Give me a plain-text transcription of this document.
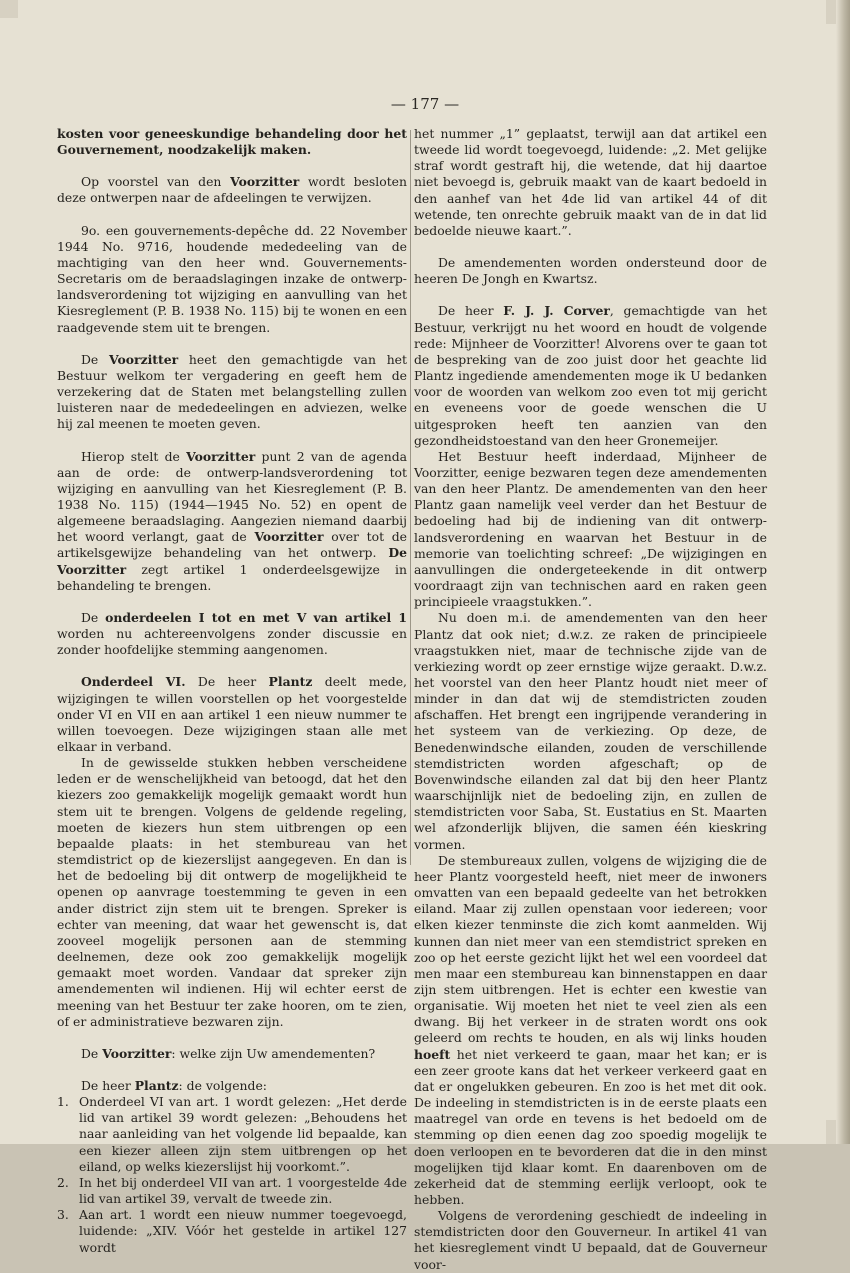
— 177 —

kosten voor geneeskundige behandeling door het Gouvernement, noodzakelijk maken.

Op voorstel van den Voorzitter wordt besloten deze ontwerpen naar de afdeelingen te verwijzen.

9o. een gouvernements-depêche dd. 22 November 1944 No. 9716, houdende mededeeling van de machtiging van den heer wnd. Gouvernements-Secretaris om de beraadslagingen inzake de ontwerp-landsverordening tot wijziging en aanvulling van het Kiesreglement (P. B. 1938 No. 115) bij te wonen en een raadgevende stem uit te brengen.

De Voorzitter heet den gemachtigde van het Bestuur welkom ter vergadering en geeft hem de verzekering dat de Staten met belangstelling zullen luisteren naar de mededeelingen en adviezen, welke hij zal meenen te moeten geven.

Hierop stelt de Voorzitter punt 2 van de agenda aan de orde: de ontwerp-landsverordening tot wijziging en aanvulling van het Kiesreglement (P. B. 1938 No. 115) (1944—1945 No. 52) en opent de algemeene beraadslaging. Aangezien niemand daarbij het woord verlangt, gaat de Voorzitter over tot de artikelsgewijze behandeling van het ontwerp. De Voorzitter zegt artikel 1 onderdeelsgewijze in behandeling te brengen.

De onderdeelen I tot en met V van artikel 1 worden nu achtereenvolgens zonder discussie en zonder hoofdelijke stemming aangenomen.

Onderdeel VI. De heer Plantz deelt mede, wijzigingen te willen voorstellen op het voorgestelde onder VI en VII en aan artikel 1 een nieuw nummer te willen toevoegen. Deze wijzigingen staan alle met elkaar in verband.

In de gewisselde stukken hebben verscheidene leden er de wenschelijkheid van betoogd, dat het den kiezers zoo gemakkelijk mogelijk gemaakt wordt hun stem uit te brengen. Volgens de geldende regeling, moeten de kiezers hun stem uitbrengen op een bepaalde plaats: in het stembureau van het stemdistrict op de kiezerslijst aangegeven. En dan is het de bedoeling bij dit ontwerp de mogelijkheid te openen op aanvrage toestemming te geven in een ander district zijn stem uit te brengen. Spreker is echter van meening, dat waar het gewenscht is, dat zooveel mogelijk personen aan de stemming deelnemen, deze ook zoo gemakkelijk mogelijk gemaakt moet worden. Vandaar dat spreker zijn amendementen wil indienen. Hij wil echter eerst de meening van het Bestuur ter zake hooren, om te zien, of er administratieve bezwaren zijn.

De Voorzitter: welke zijn Uw amendementen?

De heer Plantz: de volgende:

1. Onderdeel VI van art. 1 wordt gelezen: „Het derde lid van artikel 39 wordt gelezen: „Behoudens het naar aanleiding van het volgende lid bepaalde, kan een kiezer alleen zijn stem uitbrengen op het eiland, op welks kiezerslijst hij voorkomt.”.
2. In het bij onderdeel VII van art. 1 voorgestelde 4de lid van artikel 39, vervalt de tweede zin.
3. Aan art. 1 wordt een nieuw nummer toegevoegd, luidende: „XIV. Vóór het gestelde in artikel 127 wordt

het nummer „1” geplaatst, terwijl aan dat artikel een tweede lid wordt toegevoegd, luidende: „2. Met gelijke straf wordt gestraft hij, die wetende, dat hij daartoe niet bevoegd is, gebruik maakt van de kaart bedoeld in den aanhef van het 4de lid van artikel 44 of dit wetende, ten onrechte gebruik maakt van de in dat lid bedoelde nieuwe kaart.”.

De amendementen worden ondersteund door de heeren De Jongh en Kwartsz.

De heer F. J. J. Corver, gemachtigde van het Bestuur, verkrijgt nu het woord en houdt de volgende rede: Mijnheer de Voorzitter! Alvorens over te gaan tot de bespreking van de zoo juist door het geachte lid Plantz ingediende amendementen moge ik U bedanken voor de woorden van welkom zoo even tot mij gericht en eveneens voor de goede wenschen die U uitgesproken heeft ten aanzien van den gezondheidstoestand van den heer Gronemeijer.

Het Bestuur heeft inderdaad, Mijnheer de Voorzitter, eenige bezwaren tegen deze amendementen van den heer Plantz. De amendementen van den heer Plantz gaan namelijk veel verder dan het Bestuur de bedoeling had bij de indiening van dit ontwerp-landsverordening en waarvan het Bestuur in de memorie van toelichting schreef: „De wijzigingen en aanvullingen die ondergeteekende in dit ontwerp voordraagt zijn van technischen aard en raken geen principieele vraagstukken.”.

Nu doen m.i. de amendementen van den heer Plantz dat ook niet; d.w.z. ze raken de principieele vraagstukken niet, maar de technische zijde van de verkiezing wordt op zeer ernstige wijze geraakt. D.w.z. het voorstel van den heer Plantz houdt niet meer of minder in dan dat wij de stemdistricten zouden afschaffen. Het brengt een ingrijpende verandering in het systeem van de verkiezing. Op deze, de Benedenwindsche eilanden, zouden de verschillende stemdistricten worden afgeschaft; op de Bovenwindsche eilanden zal dat bij den heer Plantz waarschijnlijk niet de bedoeling zijn, en zullen de stemdistricten voor Saba, St. Eustatius en St. Maarten wel afzonderlijk blijven, die samen één kieskring vormen.

De stembureaux zullen, volgens de wijziging die de heer Plantz voorgesteld heeft, niet meer de inwoners omvatten van een bepaald gedeelte van het betrokken eiland. Maar zij zullen openstaan voor iedereen; voor elken kiezer tenminste die zich komt aanmelden. Wij kunnen dan niet meer van een stemdistrict spreken en zoo op het eerste gezicht lijkt het wel een voordeel dat men maar een stembureau kan binnenstappen en daar zijn stem uitbrengen. Het is echter een kwestie van organisatie. Wij moeten het niet te veel zien als een dwang. Bij het verkeer in de straten wordt ons ook geleerd om rechts te houden, en als wij links houden hoeft het niet verkeerd te gaan, maar het kan; er is een zeer groote kans dat het verkeer verkeerd gaat en dat er ongelukken gebeuren. En zoo is het met dit ook. De indeeling in stemdistricten is in de eerste plaats een maatregel van orde en tevens is het bedoeld om de stemming op dien eenen dag zoo spoedig mogelijk te doen verloopen en te bevorderen dat die in den minst mogelijken tijd klaar komt. En daarenboven om de zekerheid dat de stemming eerlijk verloopt, ook te hebben.

Volgens de verordening geschiedt de indeeling in stemdistricten door den Gouverneur. In artikel 41 van het kiesreglement vindt U bepaald, dat de Gouverneur voor-
